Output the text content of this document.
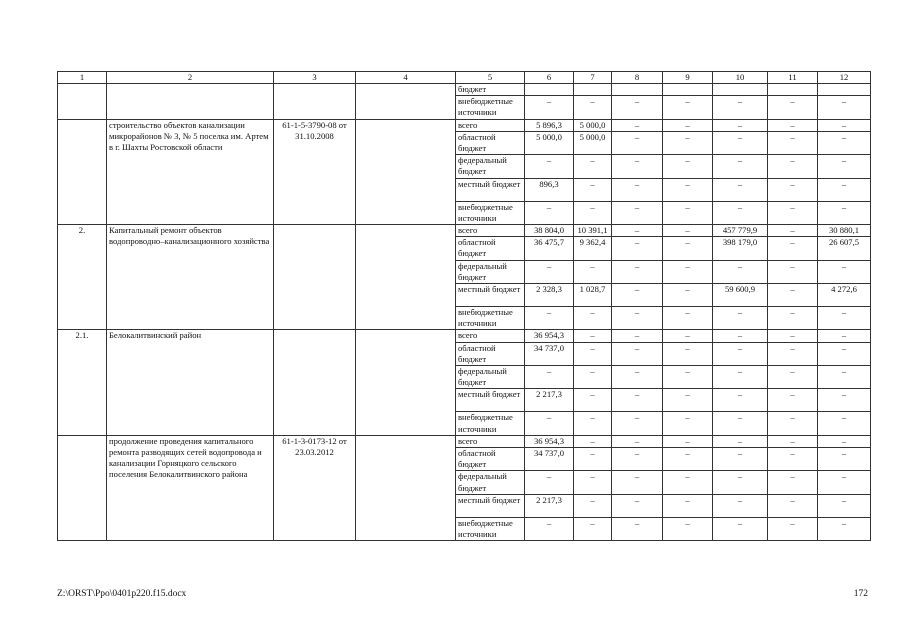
1	2	3	4	5	6	7	8	9	10	11	12
				бюджет							
				внебюджетные источники	–	–	–	–	–	–	–
	строительство объектов канализации микрорайонов № 3, № 5 поселка им. Артем в г. Шахты Ростовской области	61-1-5-3790-08 от 31.10.2008		всего	5 896,3	5 000,0	–	–	–	–	–
				областной бюджет	5 000,0	5 000,0	–	–	–	–	–
				федеральный бюджет	–	–	–	–	–	–	–
				местный бюджет	896,3	–	–	–	–	–	–
				внебюджетные источники	–	–	–	–	–	–	–
2.	Капитальный ремонт объектов водопроводно–канализационного хозяйства			всего	38 804,0	10 391,1	–	–	457 779,9	–	30 880,1
				областной бюджет	36 475,7	9 362,4	–	–	398 179,0	–	26 607,5
				федеральный бюджет	–	–	–	–	–	–	–
				местный бюджет	2 328,3	1 028,7	–	–	59 600,9	–	4 272,6
				внебюджетные источники	–	–	–	–	–	–	–
2.1.	Белокалитвинский район			всего	36 954,3	–	–	–	–	–	–
				областной бюджет	34 737,0	–	–	–	–	–	–
				федеральный бюджет	–	–	–	–	–	–	–
				местный бюджет	2 217,3	–	–	–	–	–	–
				внебюджетные источники	–	–	–	–	–	–	–
	продолжение проведения капитального ремонта разводящих сетей водопровода и канализации Горняцкого сельского поселения Белокалитвинского района	61-1-3-0173-12 от 23.03.2012		всего	36 954,3	–	–	–	–	–	–
				областной бюджет	34 737,0	–	–	–	–	–	–
				федеральный бюджет	–	–	–	–	–	–	–
				местный бюджет	2 217,3	–	–	–	–	–	–
				внебюджетные источники	–	–	–	–	–	–	–
Z:\ORST\Ppo\0401p220.f15.docx	172
